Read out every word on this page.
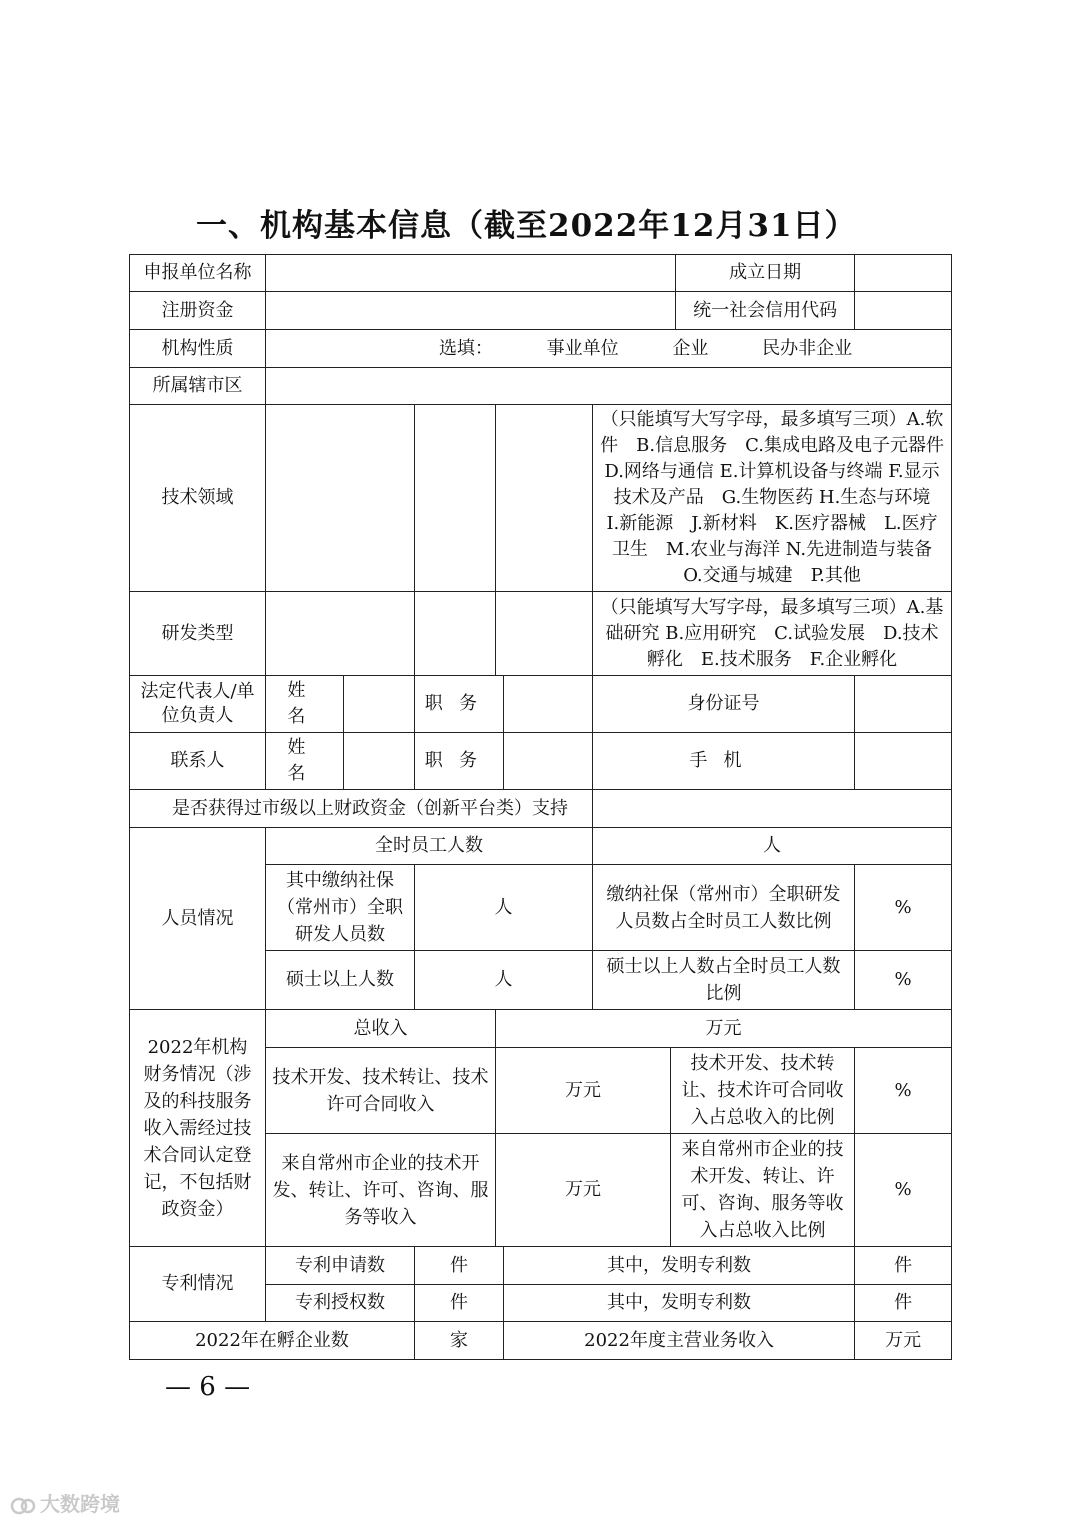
一、机构基本信息（截至2022年12月31日）
申报单位名称								成立日期	
注册资金								统一社会信用代码	
机构性质	选填： 事业单位 企业 民办非企业								
所属辖市区									
技术领域						（只能填写大写字母，最多填写三项）A.软件　B.信息服务　C.集成电路及电子元器件 D.网络与通信 E.计算机设备与终端 F.显示技术及产品　G.生物医药 H.生态与环境　I.新能源　J.新材料　K.医疗器械　L.医疗卫生　M.农业与海洋 N.先进制造与装备　O.交通与城建　P.其他			
研发类型						（只能填写大写字母，最多填写三项）A.基础研究 B.应用研究　C.试验发展　D.技术孵化　E.技术服务　F.企业孵化			
法定代表人/单位负责人	姓名		职务			身份证号			
联系人	姓名		职务			手机			
是否获得过市级以上财政资金（创新平台类）支持									
人员情况	全时员工人数					人			
	其中缴纳社保（常州市）全职研发人员数		人			缴纳社保（常州市）全职研发人员数占全时员工人数比例			%
	硕士以上人数		人			硕士以上人数占全时员工人数比例			%
2022年机构财务情况（涉及的科技服务收入需经过技术合同认定登记，不包括财政资金）	总收入			万元					
	技术开发、技术转让、技术许可合同收入			万元			技术开发、技术转让、技术许可合同收入占总收入的比例		%
	来自常州市企业的技术开发、转让、许可、咨询、服务等收入			万元			来自常州市企业的技术开发、转让、许可、咨询、服务等收入占总收入比例		%
专利情况	专利申请数		件		其中，发明专利数				件
	专利授权数		件		其中，发明专利数				件
2022年在孵企业数			家		2022年度主营业务收入				万元
— 6 —
大数跨境
